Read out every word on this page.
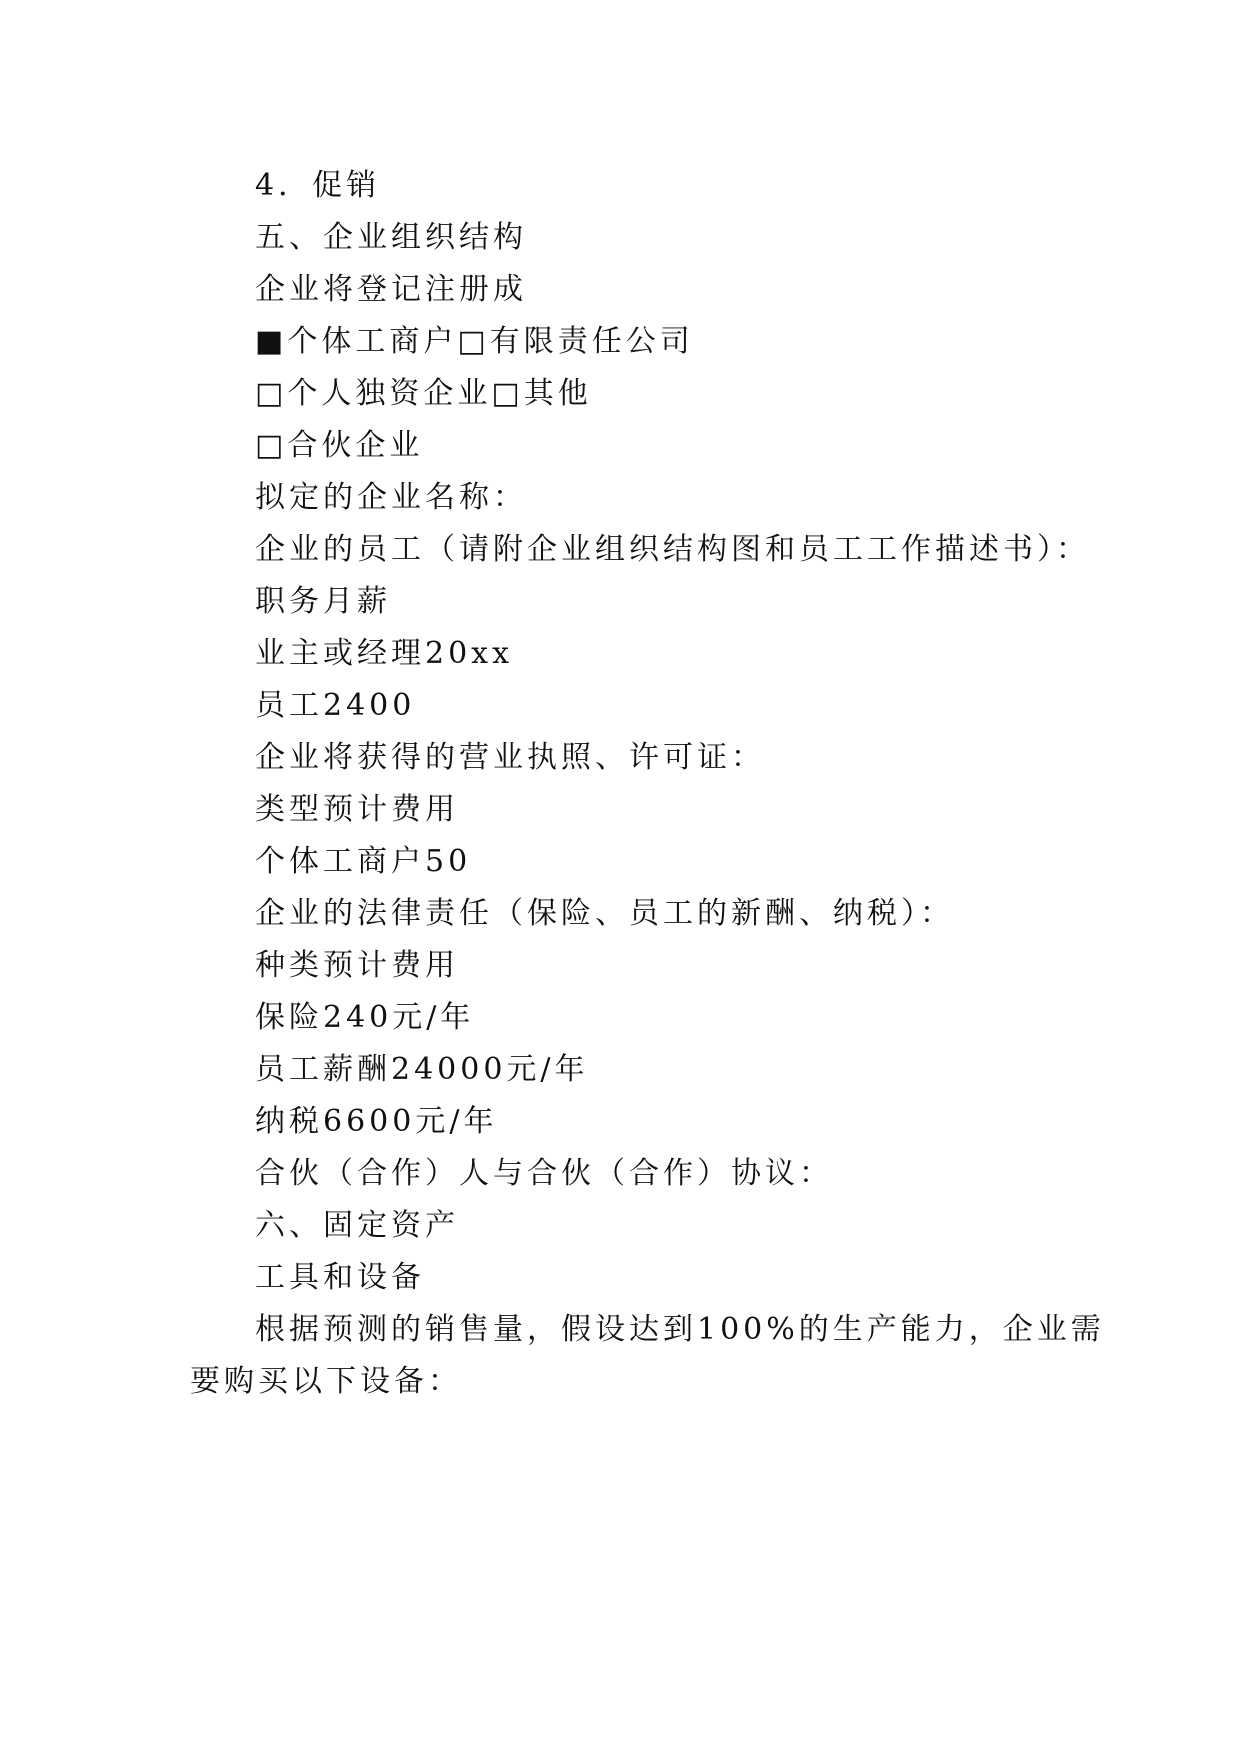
4．促销
五、企业组织结构
企业将登记注册成
■个体工商户□有限责任公司
□个人独资企业□其他
□合伙企业
拟定的企业名称：
企业的员工（请附企业组织结构图和员工工作描述书）：
职务月薪
业主或经理20xx
员工2400
企业将获得的营业执照、许可证：
类型预计费用
个体工商户50
企业的法律责任（保险、员工的新酬、纳税）：
种类预计费用
保险240元/年
员工薪酬24000元/年
纳税6600元/年
合伙（合作）人与合伙（合作）协议：
六、固定资产
工具和设备
根据预测的销售量，假设达到100%的生产能力，企业需
要购买以下设备：
